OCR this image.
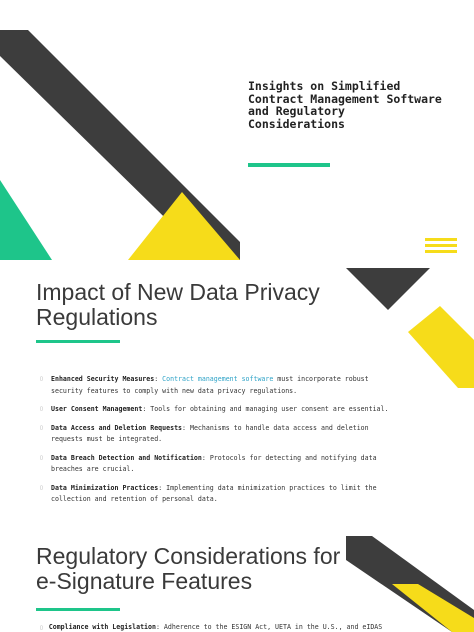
Insights on Simplified
Contract Management Software
and Regulatory
Considerations
Impact of New Data Privacy Regulations
▯ Enhanced Security Measures: Contract management software must incorporate robust security features to comply with new data privacy regulations.
▯ User Consent Management: Tools for obtaining and managing user consent are essential.
▯ Data Access and Deletion Requests: Mechanisms to handle data access and deletion requests must be integrated.
▯ Data Breach Detection and Notification: Protocols for detecting and notifying data breaches are crucial.
▯ Data Minimization Practices: Implementing data minimization practices to limit the collection and retention of personal data.
Regulatory Considerations for e-Signature Features
▯ Compliance with Legislation: Adherence to the ESIGN Act, UETA in the U.S., and eIDAS
